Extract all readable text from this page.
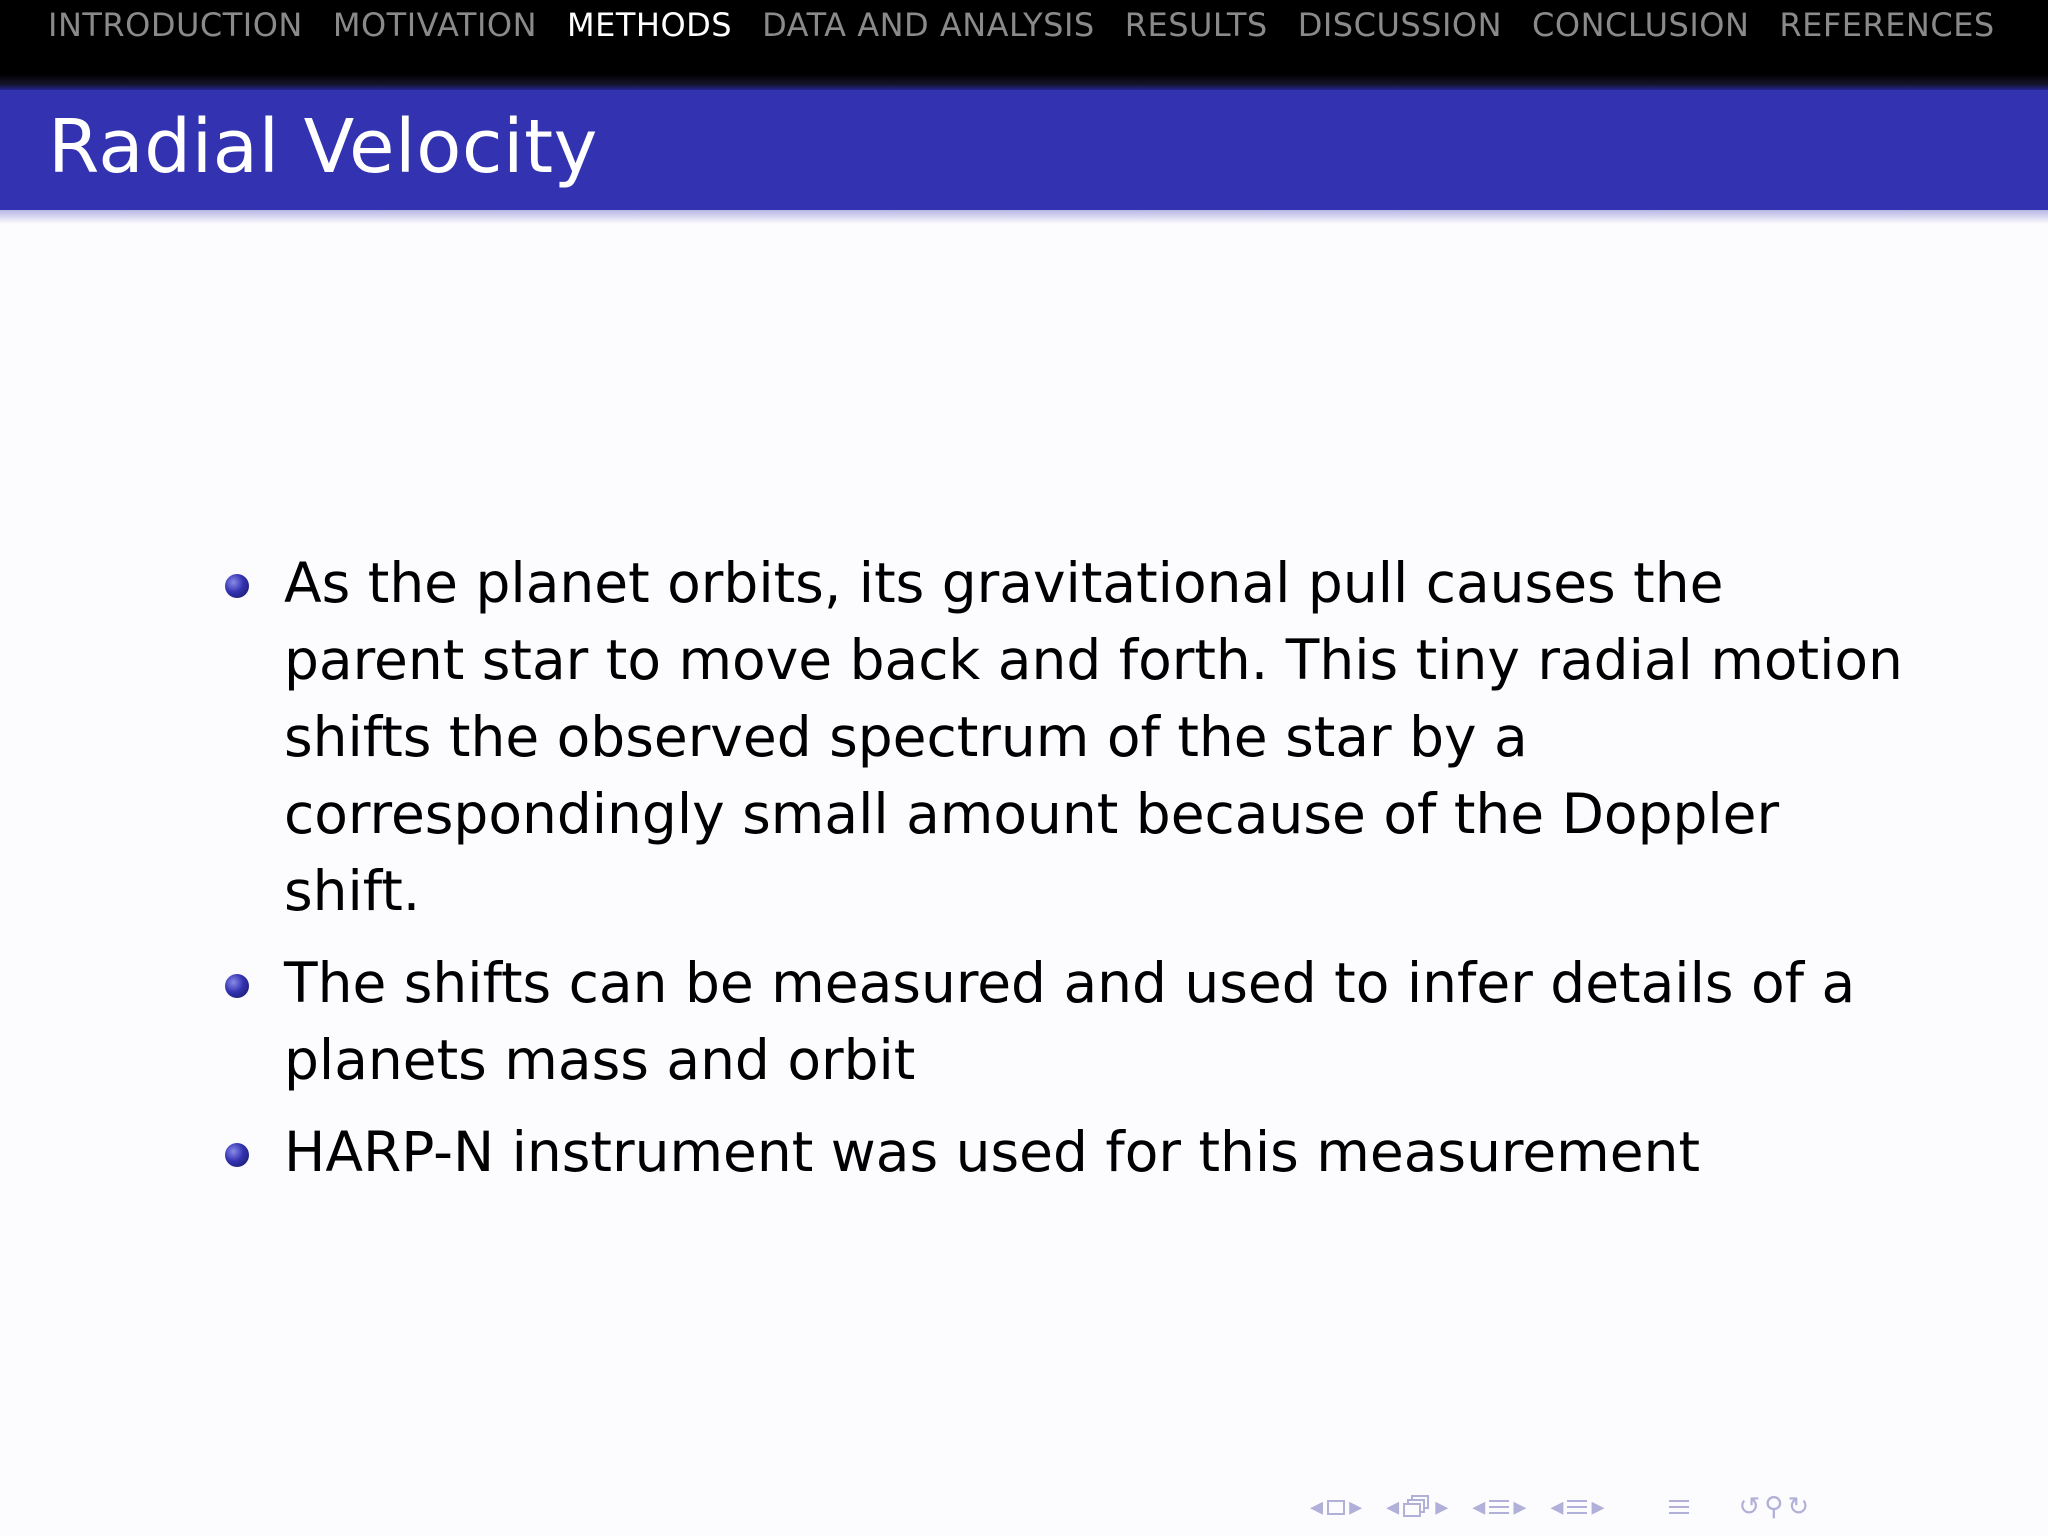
INTRODUCTION MOTIVATION METHODS DATA AND ANALYSIS RESULTS DISCUSSION CONCLUSION REFERENCES
Radial Velocity
As the planet orbits, its gravitational pull causes the parent star to move back and forth. This tiny radial motion shifts the observed spectrum of the star by a correspondingly small amount because of the Doppler shift.
The shifts can be measured and used to infer details of a planets mass and orbit
HARP-N instrument was used for this measurement
◂ ▸ ◂ ▸ ◂ ▸ ◂ ▸	↺ ⚲ ↻
